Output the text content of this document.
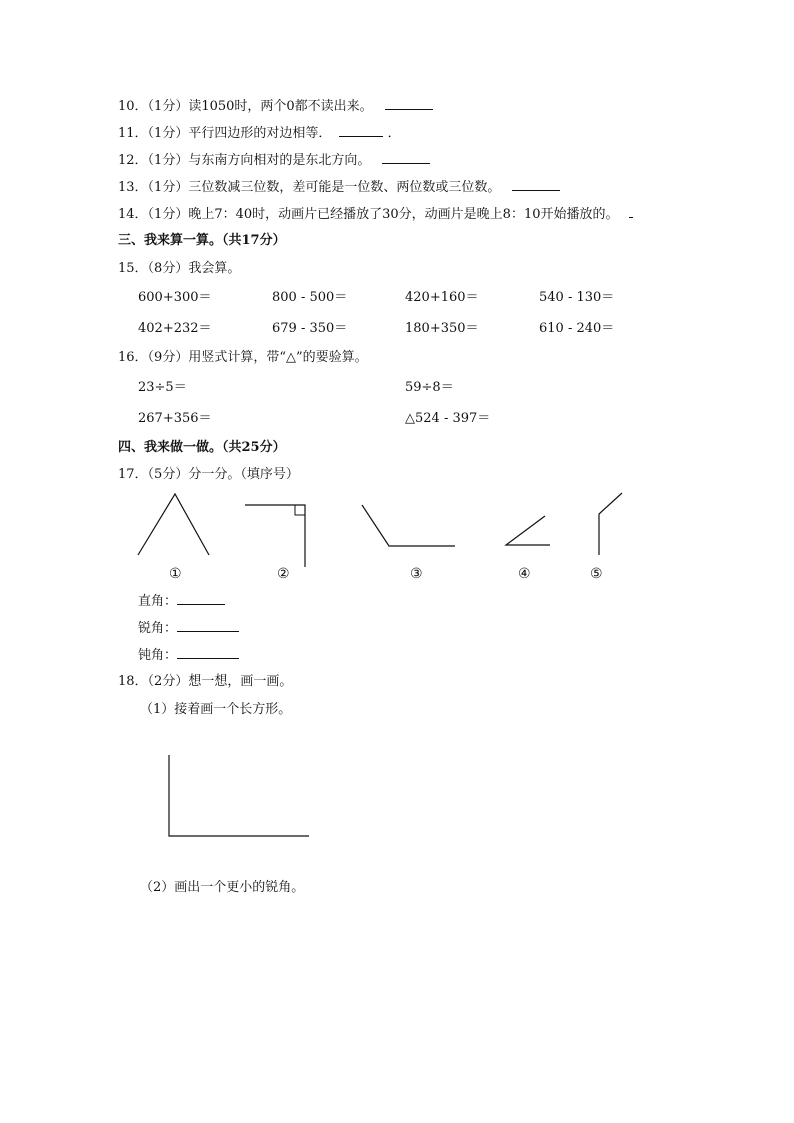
10．（1分）读1050时，两个0都不读出来。
11．（1分）平行四边形的对边相等．	．
12．（1分）与东南方向相对的是东北方向。
13．（1分）三位数减三位数，差可能是一位数、两位数或三位数。
14．（1分）晚上7：40时，动画片已经播放了30分，动画片是晚上8：10开始播放的。
三、我来算一算。（共17分）
15．（8分）我会算。
600+300＝	800 - 500＝	420+160＝	540 - 130＝
402+232＝	679 - 350＝	180+350＝	610 - 240＝
16．（9分）用竖式计算，带“△”的要验算。
23÷5＝	59÷8＝
267+356＝	△524 - 397＝
四、我来做一做。（共25分）
17．（5分）分一分。（填序号）
①	②	③	④	⑤
直角：
锐角：
钝角：
18．（2分）想一想，画一画。
（1）接着画一个长方形。
（2）画出一个更小的锐角。
